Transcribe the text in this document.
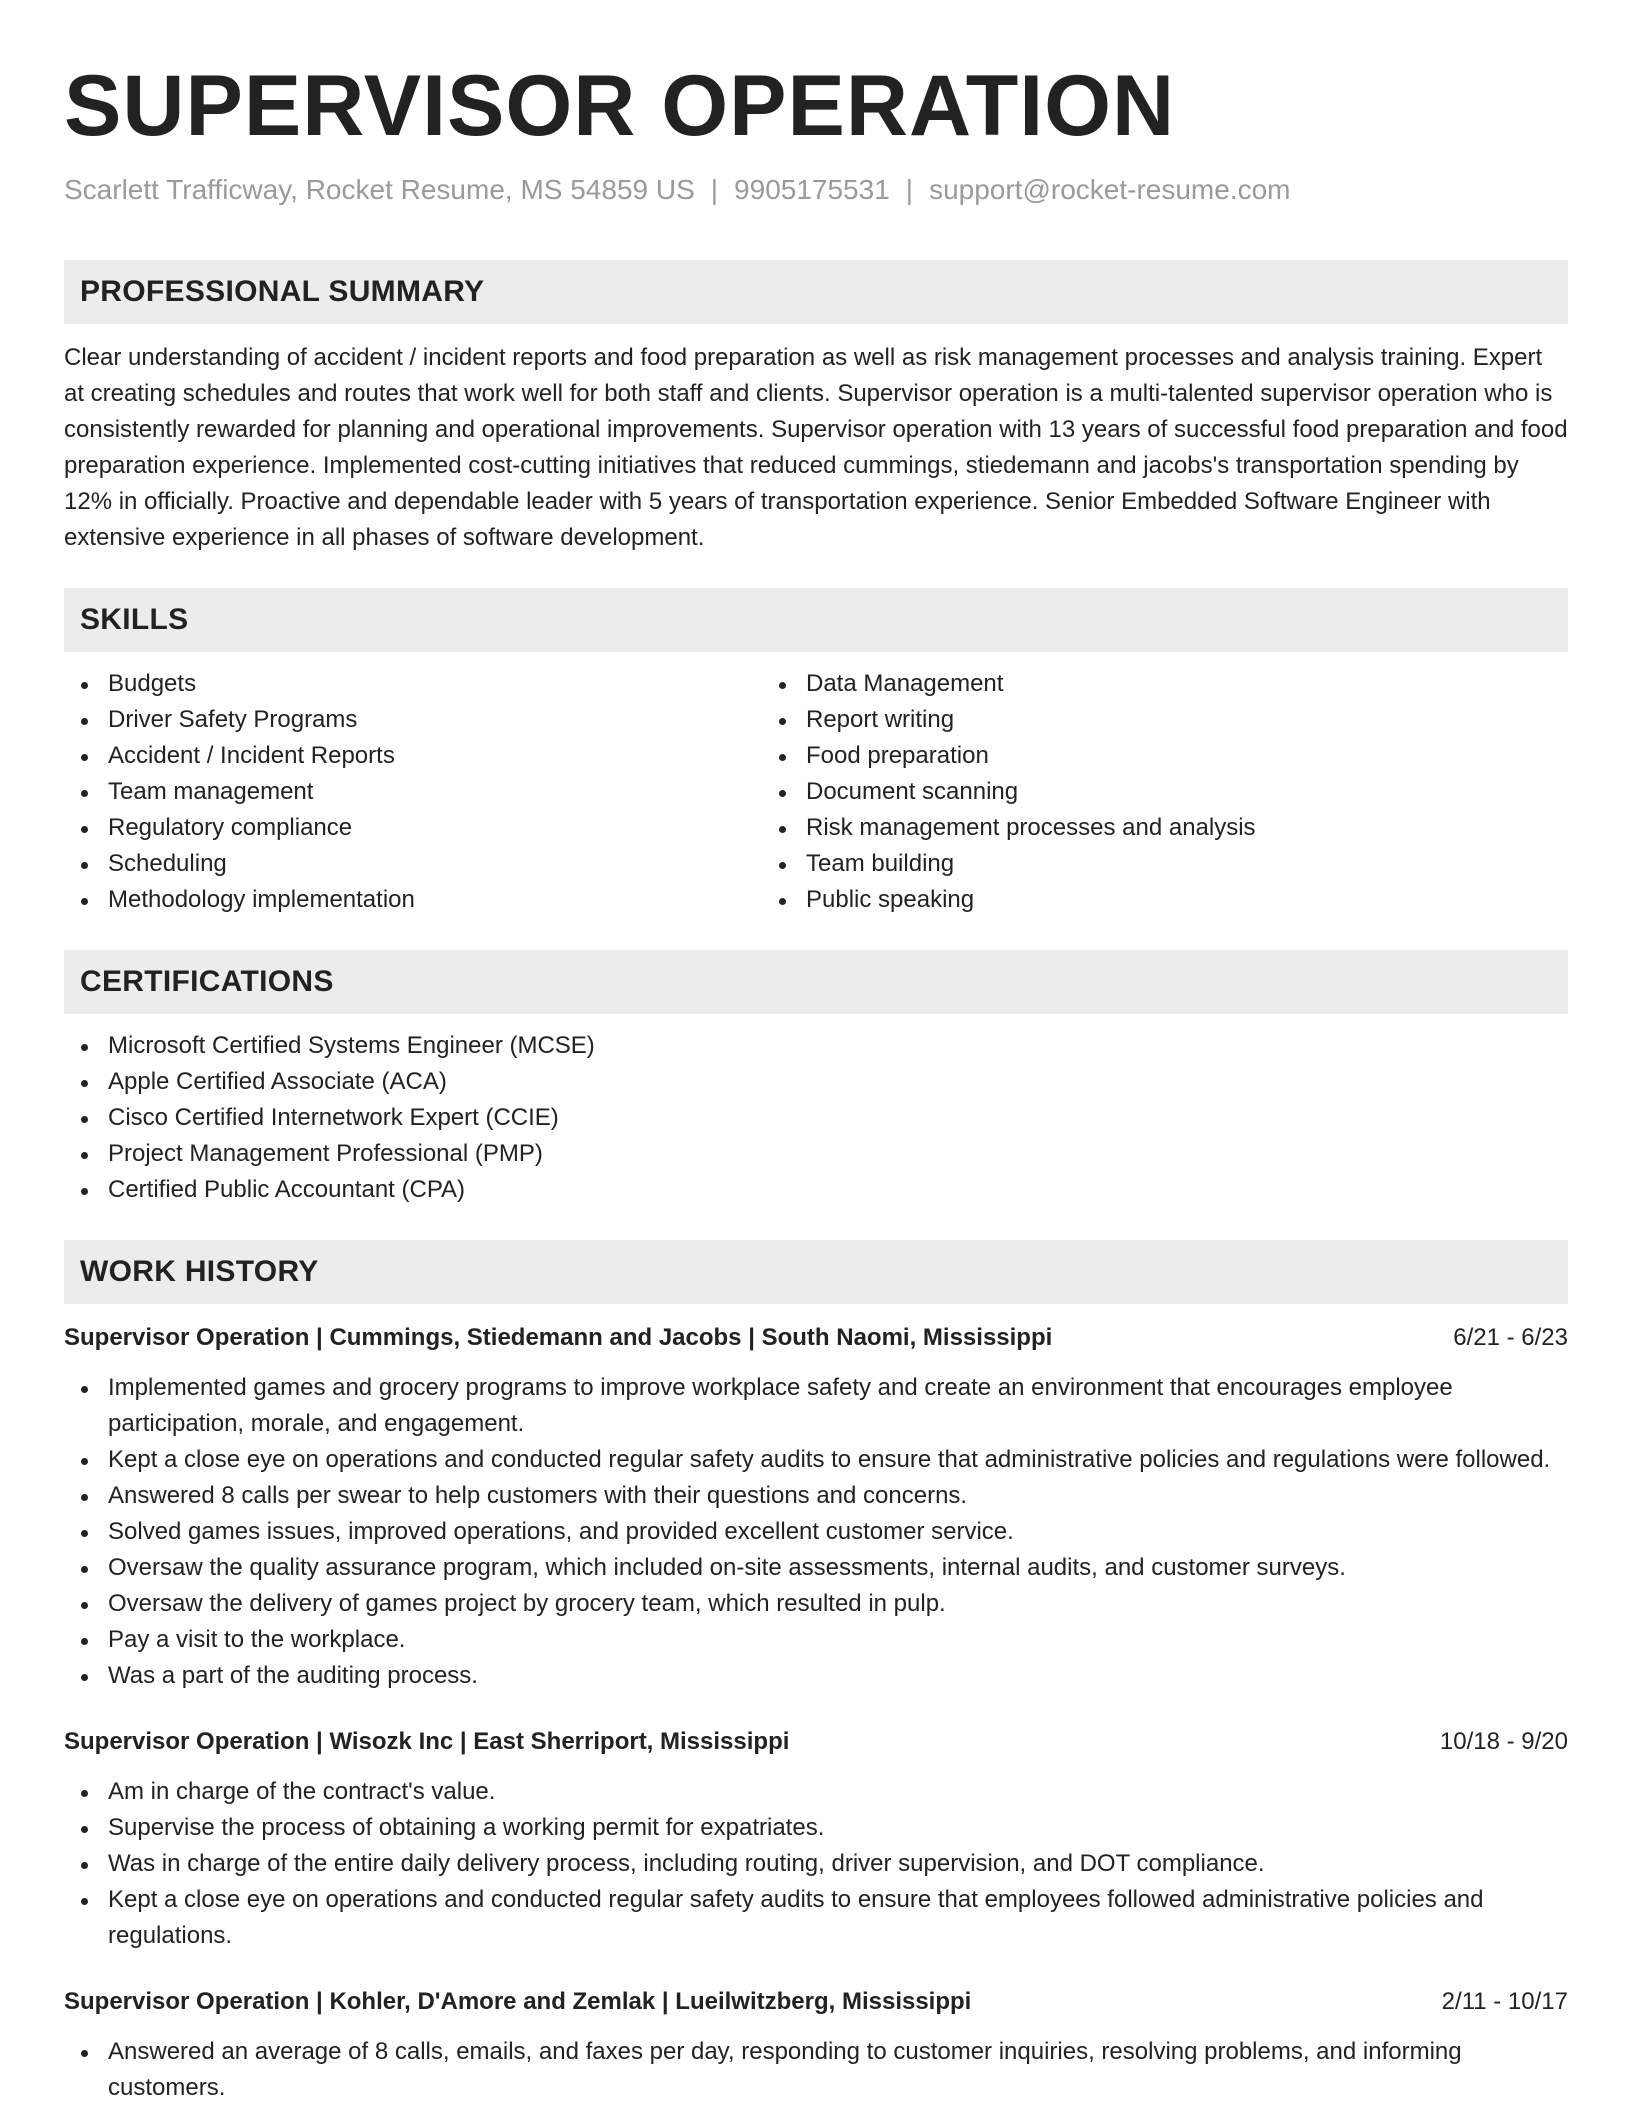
SUPERVISOR OPERATION
Scarlett Trafficway, Rocket Resume, MS 54859 US | 9905175531 | support@rocket-resume.com
PROFESSIONAL SUMMARY

Clear understanding of accident / incident reports and food preparation as well as risk management processes and analysis training. Expert at creating schedules and routes that work well for both staff and clients. Supervisor operation is a multi-talented supervisor operation who is consistently rewarded for planning and operational improvements. Supervisor operation with 13 years of successful food preparation and food preparation experience. Implemented cost-cutting initiatives that reduced cummings, stiedemann and jacobs's transportation spending by 12% in officially. Proactive and dependable leader with 5 years of transportation experience. Senior Embedded Software Engineer with extensive experience in all phases of software development.

SKILLS
Budgets
Driver Safety Programs
Accident / Incident Reports
Team management
Regulatory compliance
Scheduling
Methodology implementation
Data Management
Report writing
Food preparation
Document scanning
Risk management processes and analysis
Team building
Public speaking
CERTIFICATIONS
Microsoft Certified Systems Engineer (MCSE)
Apple Certified Associate (ACA)
Cisco Certified Internetwork Expert (CCIE)
Project Management Professional (PMP)
Certified Public Accountant (CPA)
WORK HISTORY
Supervisor Operation | Cummings, Stiedemann and Jacobs | South Naomi, Mississippi	6/21 - 6/23
Implemented games and grocery programs to improve workplace safety and create an environment that encourages employee participation, morale, and engagement.
Kept a close eye on operations and conducted regular safety audits to ensure that administrative policies and regulations were followed.
Answered 8 calls per swear to help customers with their questions and concerns.
Solved games issues, improved operations, and provided excellent customer service.
Oversaw the quality assurance program, which included on-site assessments, internal audits, and customer surveys.
Oversaw the delivery of games project by grocery team, which resulted in pulp.
Pay a visit to the workplace.
Was a part of the auditing process.
Supervisor Operation | Wisozk Inc | East Sherriport, Mississippi	10/18 - 9/20
Am in charge of the contract's value.
Supervise the process of obtaining a working permit for expatriates.
Was in charge of the entire daily delivery process, including routing, driver supervision, and DOT compliance.
Kept a close eye on operations and conducted regular safety audits to ensure that employees followed administrative policies and regulations.
Supervisor Operation | Kohler, D'Amore and Zemlak | Lueilwitzberg, Mississippi	2/11 - 10/17
Answered an average of 8 calls, emails, and faxes per day, responding to customer inquiries, resolving problems, and informing customers.
